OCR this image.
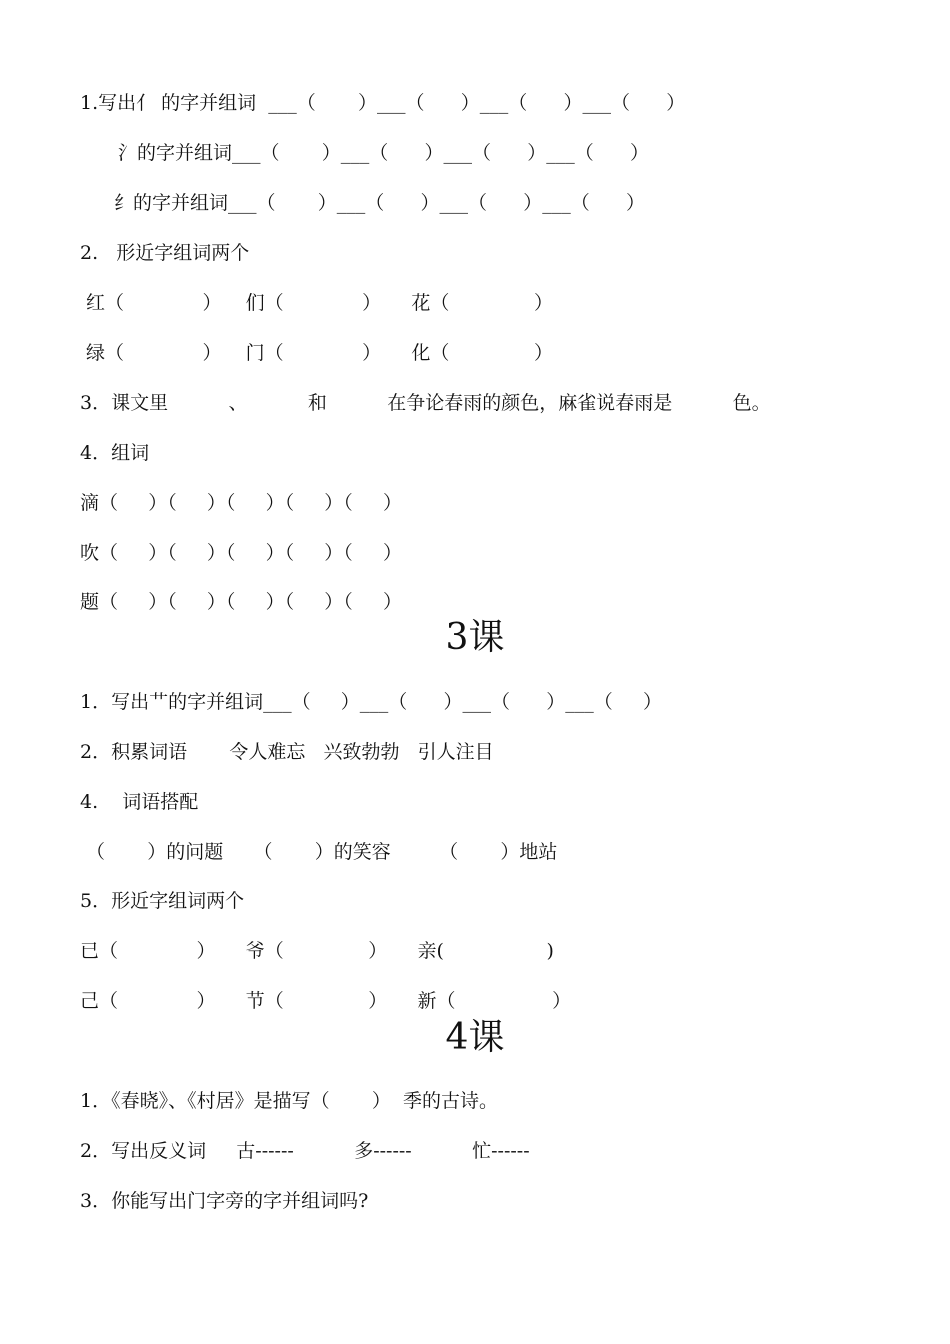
1.写出亻 的字并组词  ___（       ）___（      ）___（      ）___（      ）
氵的字并组词___（       ）___（      ）___（      ）___（      ）
纟的字并组词___（       ）___（      ）___（      ）___（      ）
2.   形近字组词两个
红（             ）    们（             ）     花（              ）
绿（             ）    门（             ）     化（              ）
3．课文里          、          和          在争论春雨的颜色，麻雀说春雨是          色。
4．组词
滴（     ）（     ）（     ）（     ）（     ）
吹（     ）（     ）（     ）（     ）（     ）
题（     ）（     ）（     ）（     ）（     ）
3课
1．写出艹的字并组词___（     ）___（      ）___（      ）___（     ）
2．积累词语       令人难忘   兴致勃勃   引人注目
4.    词语搭配
（       ）的问题     （       ）的笑容        （       ）地站
5．形近字组词两个
已（             ）     爷（              ）     亲(                 )
己（             ）     节（              ）     新（                ）
4课
1．《春晓》、《村居》是描写（       ）  季的古诗。
2．写出反义词     古------          多------          忙------
3．你能写出门字旁的字并组词吗?
